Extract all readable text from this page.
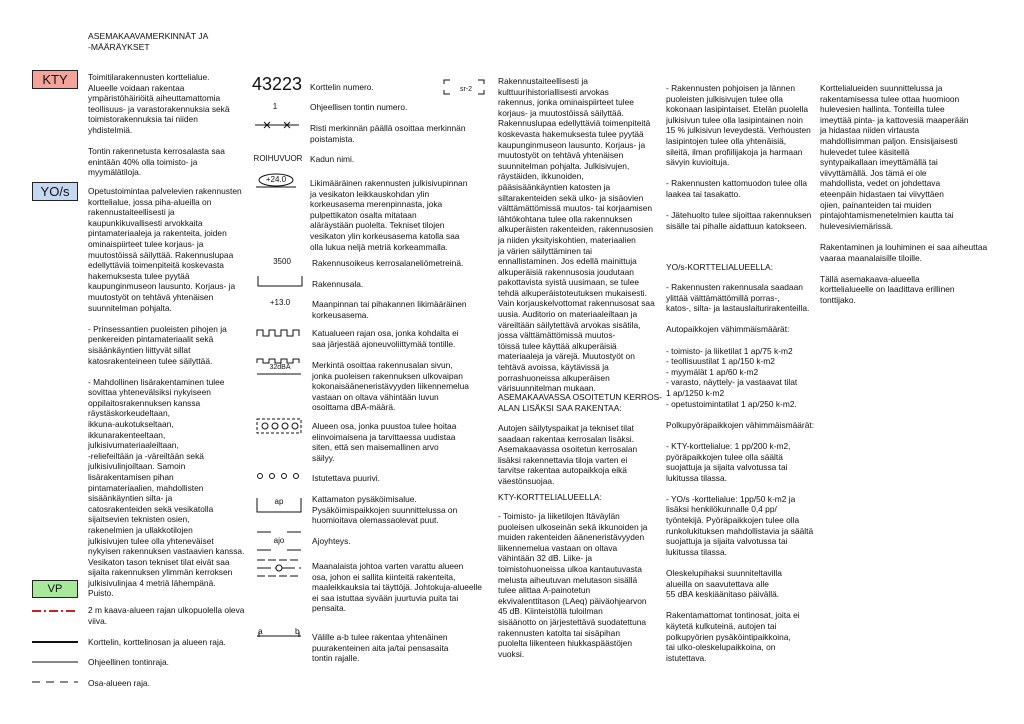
ASEMAKAAVAMERKINNÄT JA
-MÄÄRÄYKSET
KTY	Toimitilarakennusten korttelialue.
Alueelle voidaan rakentaa
ympäristöhäiriöitä aiheuttamattomia
teollisuus- ja varastorakennuksia sekä
toimistorakennuksia tai niiden
yhdistelmiä.

Tontin rakennetusta kerrosalasta saa
enintään 40% olla toimisto- ja
myymälätiloja.
YO/s	Opetustoimintaa palvelevien rakennusten
korttelialue, jossa piha-alueilla on
rakennustaiteellisesti ja
kaupunkikuvallisesti arvokkaita
pintamateriaaleja ja rakenteita, joiden
ominaispiirteet tulee korjaus- ja
muutostöissä säilyttää. Rakennuslupaa
edellyttäviä toimenpiteitä koskevasta
hakemuksesta tulee pyytää
kaupunginmuseon lausunto. Korjaus- ja
muutostyöt on tehtävä yhtenäisen
suunnitelman pohjalta.

- Prinsessantien puoleisten pihojen ja
penkereiden pintamateriaalit sekä
sisäänkäyntien liittyvät sillat
katosrakenteineen tulee säilyttää.

- Mahdollinen lisärakentaminen tulee
sovittaa yhtenevälsiksi nykyiseen
oppilaitosrakennuksen kanssa
räystäskorkeudeltaan,
ikkuna-aukotukseltaan,
ikkunarakenteeltaan,
julkisivumateriaaleiltaan,
-reliefeiltään ja -väreiltään sekä
julkisivulinjoiltaan. Samoin
lisärakentamisen pihan
pintamateriaalien, mahdollisten
sisäänkäyntien silta- ja
catosrakenteiden sekä vesikatolla
sijaitsevien teknisten osien,
rakenelmien ja ullakkotilojen
julkisivujen tulee olla yhteneväiset
nykyisen rakennuksen vastaavien kanssa.
Vesikaton tason tekniset tilat eivät saa
sijaita rakennuksen ylimmän kerroksen
julkisivulinjaa 4 metriä lähempänä.
VP	Puisto.
2 m kaava-alueen rajan ulkopuolella oleva
viiva.
Korttelin, korttelinosan ja alueen raja.
Ohjeellinen tontinraja.
Osa-alueen raja.
43223 Korttelin numero.
1	Ohjeellisen tontin numero.
Risti merkinnän päällä osoittaa merkinnän
poistamista.
ROIHUVUOR Kadun nimi.
+24.0	Likimääräinen rakennusten julkisivupinnan
ja vesikaton leikkauskohdan ylin
korkeusasema merenpinnasta, joka
pulpettikaton osalta mitataan
aläräystään puolelta. Tekniset tilojen
vesikaton ylin korkeusasema katolla saa
olla lukua neljä metriä korkeammalla.
3500	Rakennusoikeus kerrosalaneliömetreinä.
Rakennusala.
+13.0	Maanpinnan tai pihakannen likimääräinen
korkeusasema.
Katualueen rajan osa, jonka kohdalta ei
saa järjestää ajoneuvoliittymää tontille.
32dBA	Merkintä osoittaa rakennusalan sivun,
jonka puoleisen rakennuksen ulkovaipan
kokonaisääneneristävyyden liikennemelua
vastaan on oltava vähintään luvun
osoittama dBA-määrä.
Alueen osa, jonka puustoa tulee hoitaa
elinvoimaisena ja tarvittaessa uudistaa
siten, että sen maisemallinen arvo
säilyy.
Istutettava puurivi.
ap	Kattamaton pysäköimisalue.
Pysäköimispaikkojen suunnittelussa on
huomioitava olemassaolevat puut.
ajo	Ajoyhteys.
Maanalaista johtoa varten varattu alueen
osa, johon ei sallita kiinteitä rakenteita,
maaleikkauksia tai täyttöjä. Johtokuja-alueelle
ei saa istuttaa syvään juurtuvia puita tai
pensaita.
a	b
Välille a-b tulee rakentaa yhtenäinen
puurakenteinen aita ja/tai pensasaita
tontin rajalle.
sr-2
Rakennustaiteellisesti ja
kulttuurihistoriallisesti arvokas
rakennus, jonka ominaispiirteet tulee
korjaus- ja muutostöissä säilyttää.
Rakennuslupaa edellyttäviä toimenpiteitä
koskevasta hakemuksesta tulee pyytää
kaupunginmuseon lausunto. Korjaus- ja
muutostyöt on tehtävä yhtenäisen
suunnitelman pohjalta. Julkisivujen,
räystäiden, ikkunoiden,
pääsisäänkäyntien katosten ja
siltarakenteiden sekä ulko- ja sisäovien
välttämättömissä muutos- tai korjaamisen
lähtökohtana tulee olla rakennuksen
alkuperäisten rakenteiden, rakennusosien
ja niiden yksityiskohtien, materiaalien
ja värien säilyttäminen tai
ennallistaminen. Jos edellä mainittuja
alkuperäisiä rakennusosia joudutaan
pakottavista syistä uusimaan, se tulee
tehdä alkuperäistoteutuksen mukaisesti.
Vain korjauskelvottomat rakennusosat saa
uusia. Auditorio on materiaaleiltaan ja
väreiltään säilytettävä arvokas sisätila,
jossa välttämättömissä muutos-
töissä tulee käyttää alkuperäisiä
materiaaleja ja värejä. Muutostyöt on
tehtävä avoissa, käytävissä ja
porrashuoneissa alkuperäisen
värisuunnitelman mukaan.
ASEMAKAAVASSA OSOITETUN KERROS-
ALAN LISÄKSI SAA RAKENTAA:
Autojen säilytyspaikat ja tekniset tilat
saadaan rakentaa kerrosalan lisäksi.
Asemakaavassa osoitetun kerrosalan
lisäksi rakennettavia tiloja varten ei
tarvitse rakentaa autopaikkoja eikä
väestönsuojaa.
KTY-KORTTELIALUEELLA:
- Toimisto- ja liiketilojen Itäväylän
puoleisen ulkoseinän sekä ikkunoiden ja
muiden rakenteiden ääneneristävyyden
liikennemelua vastaan on oltava
vähintään 32 dB. Liike- ja
toimistohuoneissa ulkoa kantautuvasta
melusta aiheutuvan melutason sisällä
tulee alittaa A-painotetun
ekvivalenttitason (LAeq) päiväohjearvon
45 dB. Kiinteistöllä tuloilman
sisäänotto on järjestettävä suodatettuna
rakennusten katolta tai sisäpihan
puolelta liikenteen hiukkaspäästöjen
vuoksi.
- Rakennusten pohjoisen ja lännen
puoleisten julkisivujen tulee olla
kokonaan lasipintaiset. Etelän puolella
julkisivun tulee olla lasipintainen noin
15 % julkisivun leveydestä. Verhousten
lasipintojen tulee olla yhtenäisiä,
sileitä, ilman profiilijakoja ja harmaan
sävyin kuvioituja.

- Rakennusten kattomuodon tulee olla
laakea tai tasakatto.

- Jätehuolto tulee sijoittaa rakennuksen
sisälle tai pihalle aidattuun katokseen.
YO/s-KORTTELIALUEELLA:
- Rakennusten rakennusala saadaan
ylittää välttämättömillä porras-,
katos-, silta- ja lastauslaiturirakenteilla.

Autopaikkojen vähimmäismäärät:

- toimisto- ja liiketilat 1 ap/75 k-m2
- teollisuustilat 1 ap/150 k-m2
- myymälät 1 ap/60 k-m2
- varasto, näyttely- ja vastaavat tilat
1 ap/1250 k-m2
- opetustoimintatilat 1 ap/250 k-m2.

Polkupyöräpaikkojen vähimmäismäärät:

- KTY-korttelialue: 1 pp/200 k-m2,
pyöräpaikkojen tulee olla säältä
suojattuja ja sijaita valvotussa tai
lukitussa tilassa.

- YO/s -korttelialue: 1pp/50 k-m2 ja
lisäksi henkilökunnalle 0,4 pp/
työntekijä. Pyöräpaikkojen tulee olla
runkolukituksen mahdollistavia ja säältä
suojattuja ja sijaita valvotussa tai
lukitussa tilassa.

Oleskelupihaksi suunniteltavilla
alueilla on saavutettava alle
55 dBA keskiäänitaso päivällä.

Rakentamattomat tontinosat, joita ei
käytetä kulkuteinä, autojen tai
polkupyörien pysäköintipaikkoina,
tai ulko-oleskelupaikkoina, on
istutettava.
Korttelialueiden suunnittelussa ja
rakentamisessa tulee ottaa huomioon
hulevesien hallinta. Tonteilla tulee
imeyttää pinta- ja kattovesiä maaperään
ja hidastaa niiden virtausta
mahdollisimman paljon. Ensisijaisesti
hulevedet tulee käsitellä
syntypaikallaan imeyttämällä tai
viivyttämällä. Jos tämä ei ole
mahdollista, vedet on johdettava
eteenpäin hidastaen tai viivyttäen
ojien, painanteiden tai muiden
pintajohtamismenetelmien kautta tai
hulevesiviemärissä.

Rakentaminen ja louhiminen ei saa aiheuttaa
vaaraa maanalaisille tiloille.

Tällä asemakaava-alueella
korttelialueelle on laadittava erillinen
tonttijako.
